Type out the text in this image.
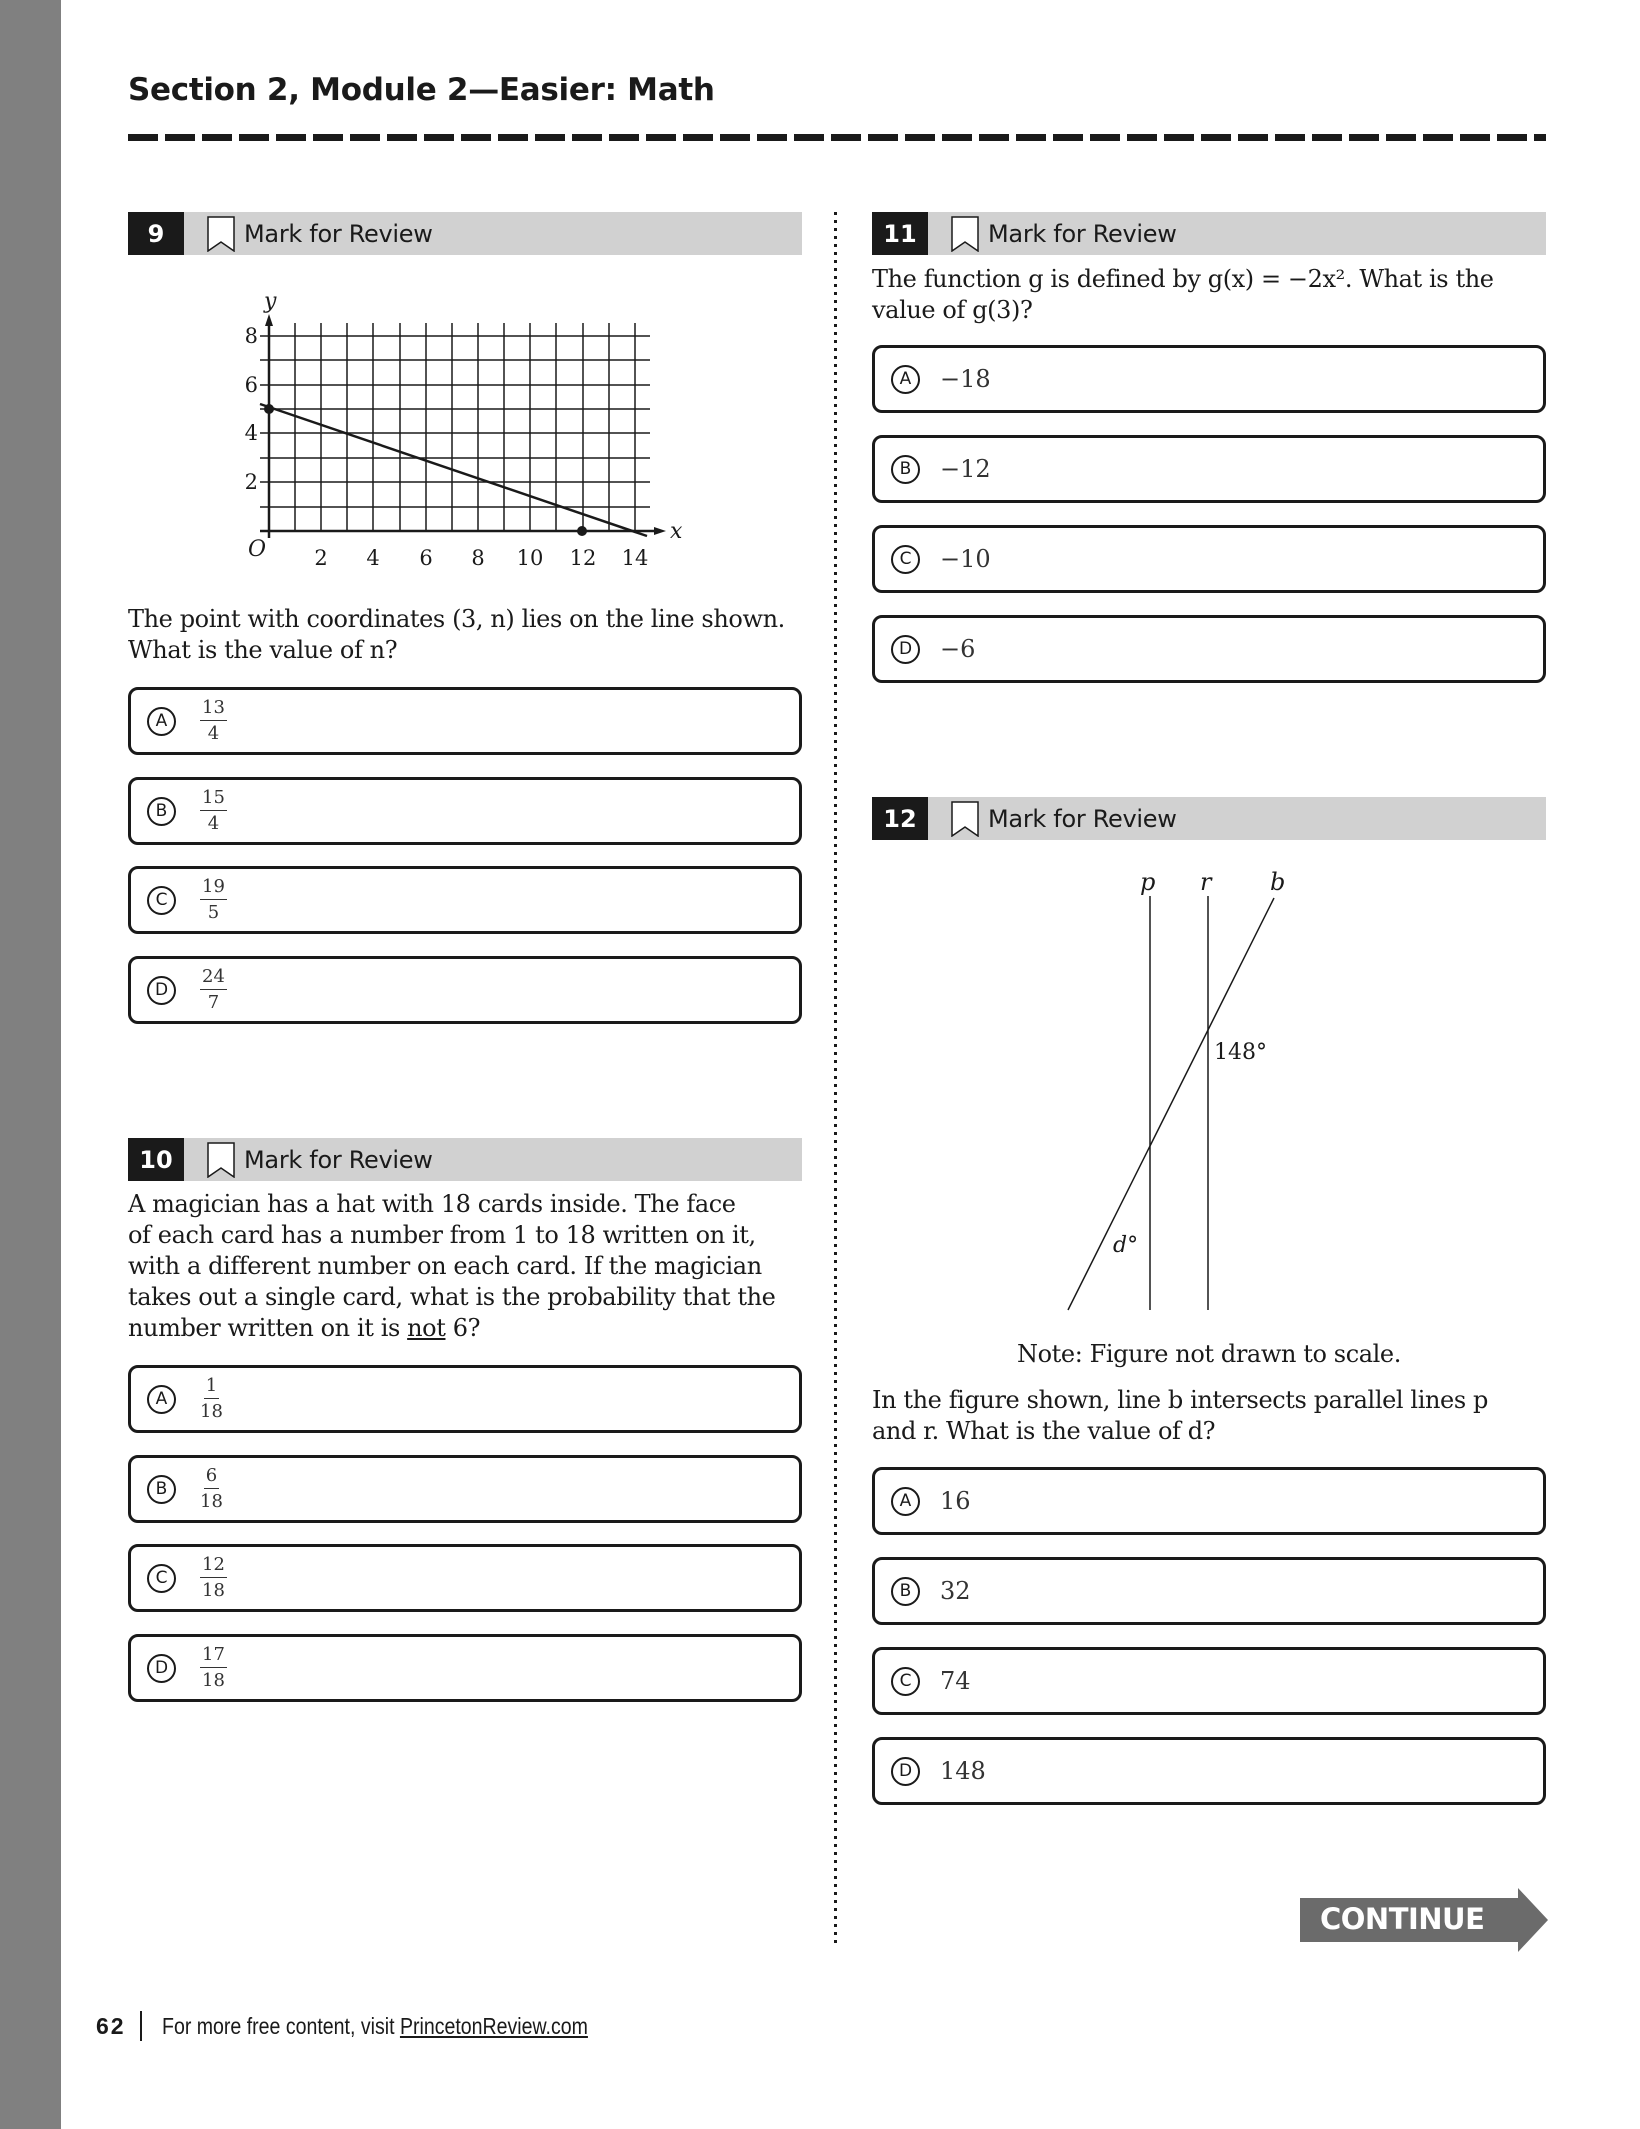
Section 2, Module 2—Easier: Math
9	Mark for Review
y
x
O 2 4 6 8 10 12 14
2
4
6
8
The point with coordinates (3, n) lies on the line shown.
What is the value of n?
A	$\frac{13}{4}$
B	$\frac{15}{4}$
C	$\frac{19}{5}$
D	$\frac{24}{7}$
10	Mark for Review
A magician has a hat with 18 cards inside. The face
of each card has a number from 1 to 18 written on it,
with a different number on each card. If the magician
takes out a single card, what is the probability that the
number written on it is not 6?
A	$\frac{1}{18}$
B	$\frac{6}{18}$
C	$\frac{12}{18}$
D	$\frac{17}{18}$
11	Mark for Review
The function g is defined by g(x) = −2x². What is the
value of g(3)?
A	−18
B	−12
C	−10
D	−6
12	Mark for Review
p r b
148°
d°
Note: Figure not drawn to scale.
In the figure shown, line b intersects parallel lines p
and r. What is the value of d?
A	16
B	32
C	74
D	148
CONTINUE
62 For more free content, visit PrincetonReview.com
